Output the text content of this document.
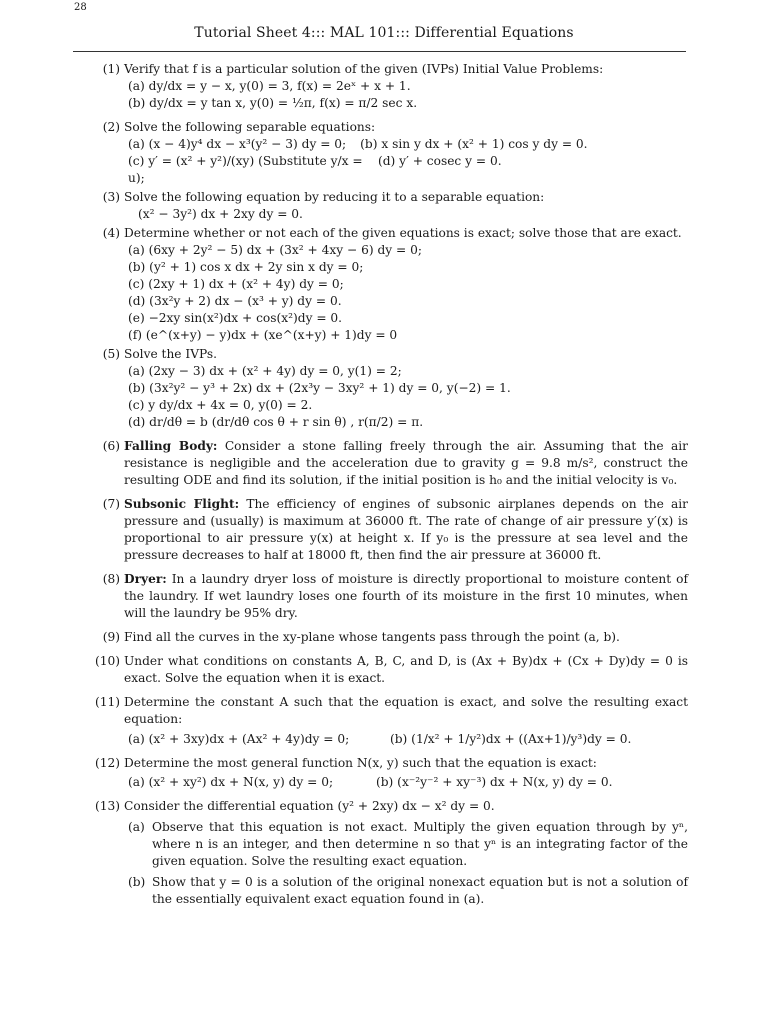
28
Tutorial Sheet 4::: MAL 101::: Differential Equations
(1) Verify that f is a particular solution of the given (IVPs) Initial Value Problems:
(a) dy/dx = y − x, y(0) = 3, f(x) = 2eˣ + x + 1.
(b) dy/dx = y tan x, y(0) = ½π, f(x) = π/2 sec x.
(2) Solve the following separable equations:
(a) (x − 4)y⁴ dx − x³(y² − 3) dy = 0; (b) x sin y dx + (x² + 1) cos y dy = 0.
(c) y′ = (x² + y²)/(xy) (Substitute y/x = u);
(d) y′ + cosec y = 0.
(3) Solve the following equation by reducing it to a separable equation:
(x² − 3y²) dx + 2xy dy = 0.
(4) Determine whether or not each of the given equations is exact; solve those that are exact.
(a) (6xy + 2y² − 5) dx + (3x² + 4xy − 6) dy = 0;
(b) (y² + 1) cos x dx + 2y sin x dy = 0;
(c) (2xy + 1) dx + (x² + 4y) dy = 0;
(d) (3x²y + 2) dx − (x³ + y) dy = 0.
(e) −2xy sin(x²)dx + cos(x²)dy = 0.
(f) (e^(x+y) − y)dx + (xe^(x+y) + 1)dy = 0
(5) Solve the IVPs.
(a) (2xy − 3) dx + (x² + 4y) dy = 0, y(1) = 2;
(b) (3x²y² − y³ + 2x) dx + (2x³y − 3xy² + 1) dy = 0, y(−2) = 1.
(c) y dy/dx + 4x = 0, y(0) = 2.
(d) dr/dθ = b (dr/dθ cos θ + r sin θ) , r(π/2) = π.
(6) Falling Body: Consider a stone falling freely through the air. Assuming that the air resistance is negligible and the acceleration due to gravity g = 9.8 m/s², construct the resulting ODE and find its solution, if the initial position is h₀ and the initial velocity is v₀.
(7) Subsonic Flight: The efficiency of engines of subsonic airplanes depends on the air pressure and (usually) is maximum at 36000 ft. The rate of change of air pressure y′(x) is proportional to air pressure y(x) at height x. If y₀ is the pressure at sea level and the pressure decreases to half at 18000 ft, then find the air pressure at 36000 ft.
(8) Dryer: In a laundry dryer loss of moisture is directly proportional to moisture content of the laundry. If wet laundry loses one fourth of its moisture in the first 10 minutes, when will the laundry be 95% dry.
(9) Find all the curves in the xy-plane whose tangents pass through the point (a, b).
(10) Under what conditions on constants A, B, C, and D, is (Ax + By)dx + (Cx + Dy)dy = 0 is exact. Solve the equation when it is exact.
(11) Determine the constant A such that the equation is exact, and solve the resulting exact equation:
(a) (x² + 3xy)dx + (Ax² + 4y)dy = 0;	(b) (1/x² + 1/y²)dx + ((Ax+1)/y³)dy = 0.
(12) Determine the most general function N(x, y) such that the equation is exact:
(a) (x² + xy²) dx + N(x, y) dy = 0;	(b) (x⁻²y⁻² + xy⁻³) dx + N(x, y) dy = 0.
(13) Consider the differential equation (y² + 2xy) dx − x² dy = 0.
(a) Observe that this equation is not exact. Multiply the given equation through by yⁿ, where n is an integer, and then determine n so that yⁿ is an integrating factor of the given equation. Solve the resulting exact equation.
(b) Show that y = 0 is a solution of the original nonexact equation but is not a solution of the essentially equivalent exact equation found in (a).
